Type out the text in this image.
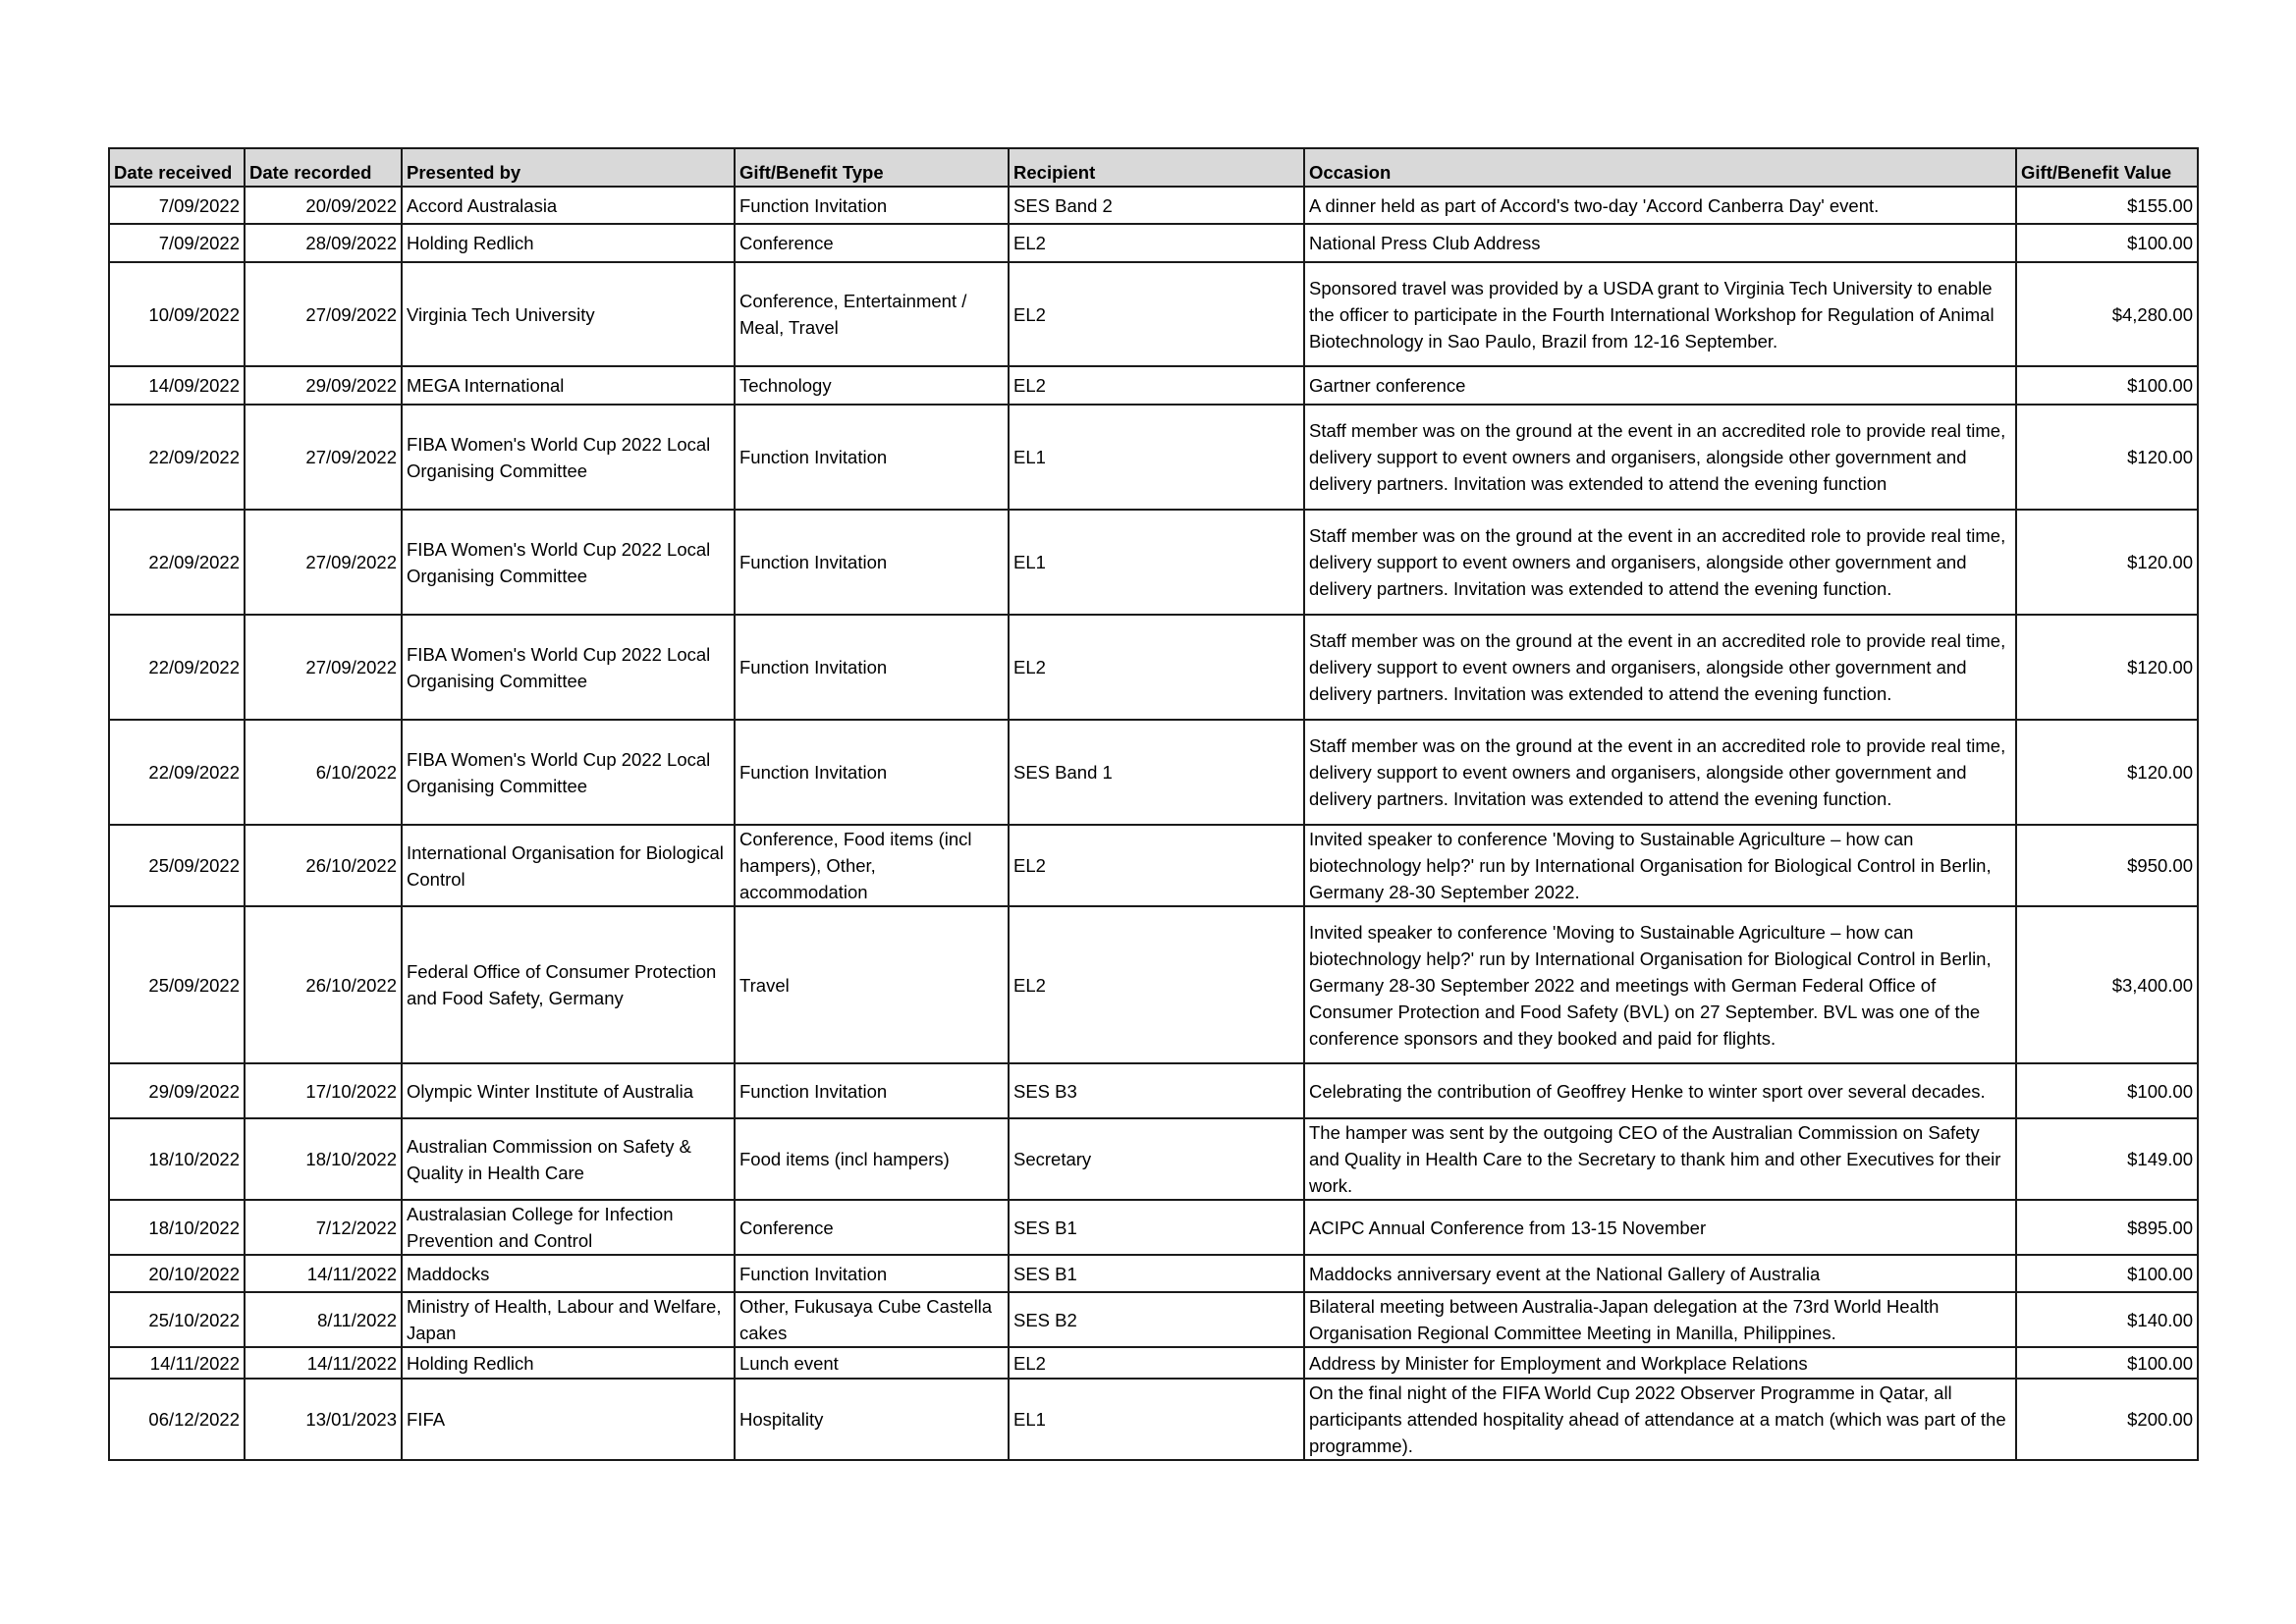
Date received	Date recorded	Presented by	Gift/Benefit Type	Recipient	Occasion	Gift/Benefit Value
7/09/2022	20/09/2022	Accord Australasia	Function Invitation	SES Band 2	A dinner held as part of Accord's two-day 'Accord Canberra Day' event.	$155.00
7/09/2022	28/09/2022	Holding Redlich	Conference	EL2	National Press Club Address	$100.00
10/09/2022	27/09/2022	Virginia Tech University	Conference, Entertainment / Meal, Travel	EL2	Sponsored travel was provided by a USDA grant to Virginia Tech University to enable the officer to participate in the Fourth International Workshop for Regulation of Animal Biotechnology in Sao Paulo, Brazil from 12-16 September.	$4,280.00
14/09/2022	29/09/2022	MEGA International	Technology	EL2	Gartner conference	$100.00
22/09/2022	27/09/2022	FIBA Women's World Cup 2022 Local Organising Committee	Function Invitation	EL1	Staff member was on the ground at the event in an accredited role to provide real time, delivery support to event owners and organisers, alongside other government and delivery partners. Invitation was extended to attend the evening function	$120.00
22/09/2022	27/09/2022	FIBA Women's World Cup 2022 Local Organising Committee	Function Invitation	EL1	Staff member was on the ground at the event in an accredited role to provide real time, delivery support to event owners and organisers, alongside other government and delivery partners. Invitation was extended to attend the evening function.	$120.00
22/09/2022	27/09/2022	FIBA Women's World Cup 2022 Local Organising Committee	Function Invitation	EL2	Staff member was on the ground at the event in an accredited role to provide real time, delivery support to event owners and organisers, alongside other government and delivery partners. Invitation was extended to attend the evening function.	$120.00
22/09/2022	6/10/2022	FIBA Women's World Cup 2022 Local Organising Committee	Function Invitation	SES Band 1	Staff member was on the ground at the event in an accredited role to provide real time, delivery support to event owners and organisers, alongside other government and delivery partners. Invitation was extended to attend the evening function.	$120.00
25/09/2022	26/10/2022	International Organisation for Biological Control	Conference, Food items (incl hampers), Other, accommodation	EL2	Invited speaker to conference 'Moving to Sustainable Agriculture – how can biotechnology help?' run by International Organisation for Biological Control in Berlin, Germany 28-30 September 2022.	$950.00
25/09/2022	26/10/2022	Federal Office of Consumer Protection and Food Safety, Germany	Travel	EL2	Invited speaker to conference 'Moving to Sustainable Agriculture – how can biotechnology help?' run by International Organisation for Biological Control in Berlin, Germany 28-30 September 2022 and meetings with German Federal Office of Consumer Protection and Food Safety (BVL) on 27 September. BVL was one of the conference sponsors and they booked and paid for flights.	$3,400.00
29/09/2022	17/10/2022	Olympic Winter Institute of Australia	Function Invitation	SES B3	Celebrating the contribution of Geoffrey Henke to winter sport over several decades.	$100.00
18/10/2022	18/10/2022	Australian Commission on Safety & Quality in Health Care	Food items (incl hampers)	Secretary	The hamper was sent by the outgoing CEO of the Australian Commission on Safety and Quality in Health Care to the Secretary to thank him and other Executives for their work.	$149.00
18/10/2022	7/12/2022	Australasian College for Infection Prevention and Control	Conference	SES B1	ACIPC Annual Conference from 13-15 November	$895.00
20/10/2022	14/11/2022	Maddocks	Function Invitation	SES B1	Maddocks anniversary event at the National Gallery of Australia	$100.00
25/10/2022	8/11/2022	Ministry of Health, Labour and Welfare, Japan	Other, Fukusaya Cube Castella cakes	SES B2	Bilateral meeting between Australia-Japan delegation at the 73rd World Health Organisation Regional Committee Meeting in Manilla, Philippines.	$140.00
14/11/2022	14/11/2022	Holding Redlich	Lunch event	EL2	Address by Minister for Employment and Workplace Relations	$100.00
06/12/2022	13/01/2023	FIFA	Hospitality	EL1	On the final night of the FIFA World Cup 2022 Observer Programme in Qatar, all participants attended hospitality ahead of attendance at a match (which was part of the programme).	$200.00
